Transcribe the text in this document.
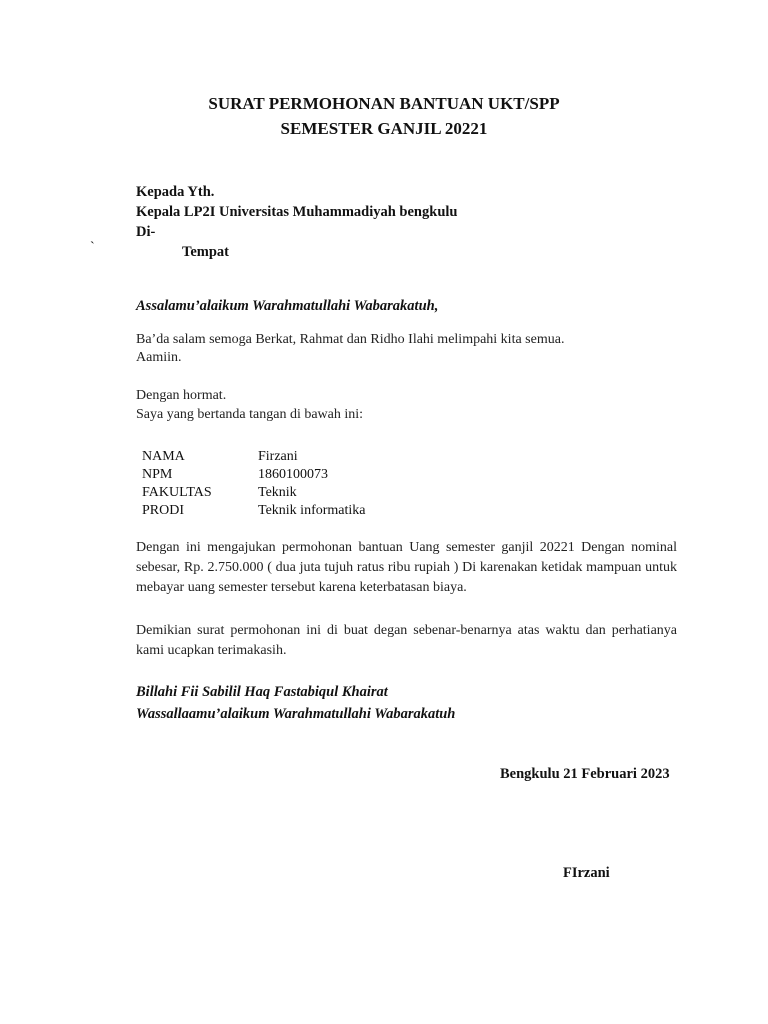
SURAT PERMOHONAN BANTUAN UKT/SPP
SEMESTER GANJIL 20221
Kepada Yth.
Kepala LP2I Universitas Muhammadiyah bengkulu
Di-
`	Tempat
Assalamu’alaikum Warahmatullahi Wabarakatuh,
Ba’da salam semoga Berkat, Rahmat dan Ridho Ilahi melimpahi kita semua.
Aamiin.
Dengan hormat.
Saya yang bertanda tangan di bawah ini:
NAMA	Firzani
NPM	1860100073
FAKULTAS	Teknik
PRODI	Teknik informatika
Dengan ini mengajukan permohonan bantuan Uang semester ganjil 20221 Dengan nominal sebesar, Rp. 2.750.000 ( dua juta tujuh ratus ribu rupiah ) Di karenakan ketidak mampuan untuk mebayar uang semester tersebut karena keterbatasan biaya.
Demikian surat permohonan ini di buat degan sebenar-benarnya atas waktu dan perhatianya kami ucapkan terimakasih.
Billahi Fii Sabilil Haq Fastabiqul Khairat
Wassallaamu’alaikum Warahmatullahi Wabarakatuh
Bengkulu 21 Februari 2023
FIrzani
